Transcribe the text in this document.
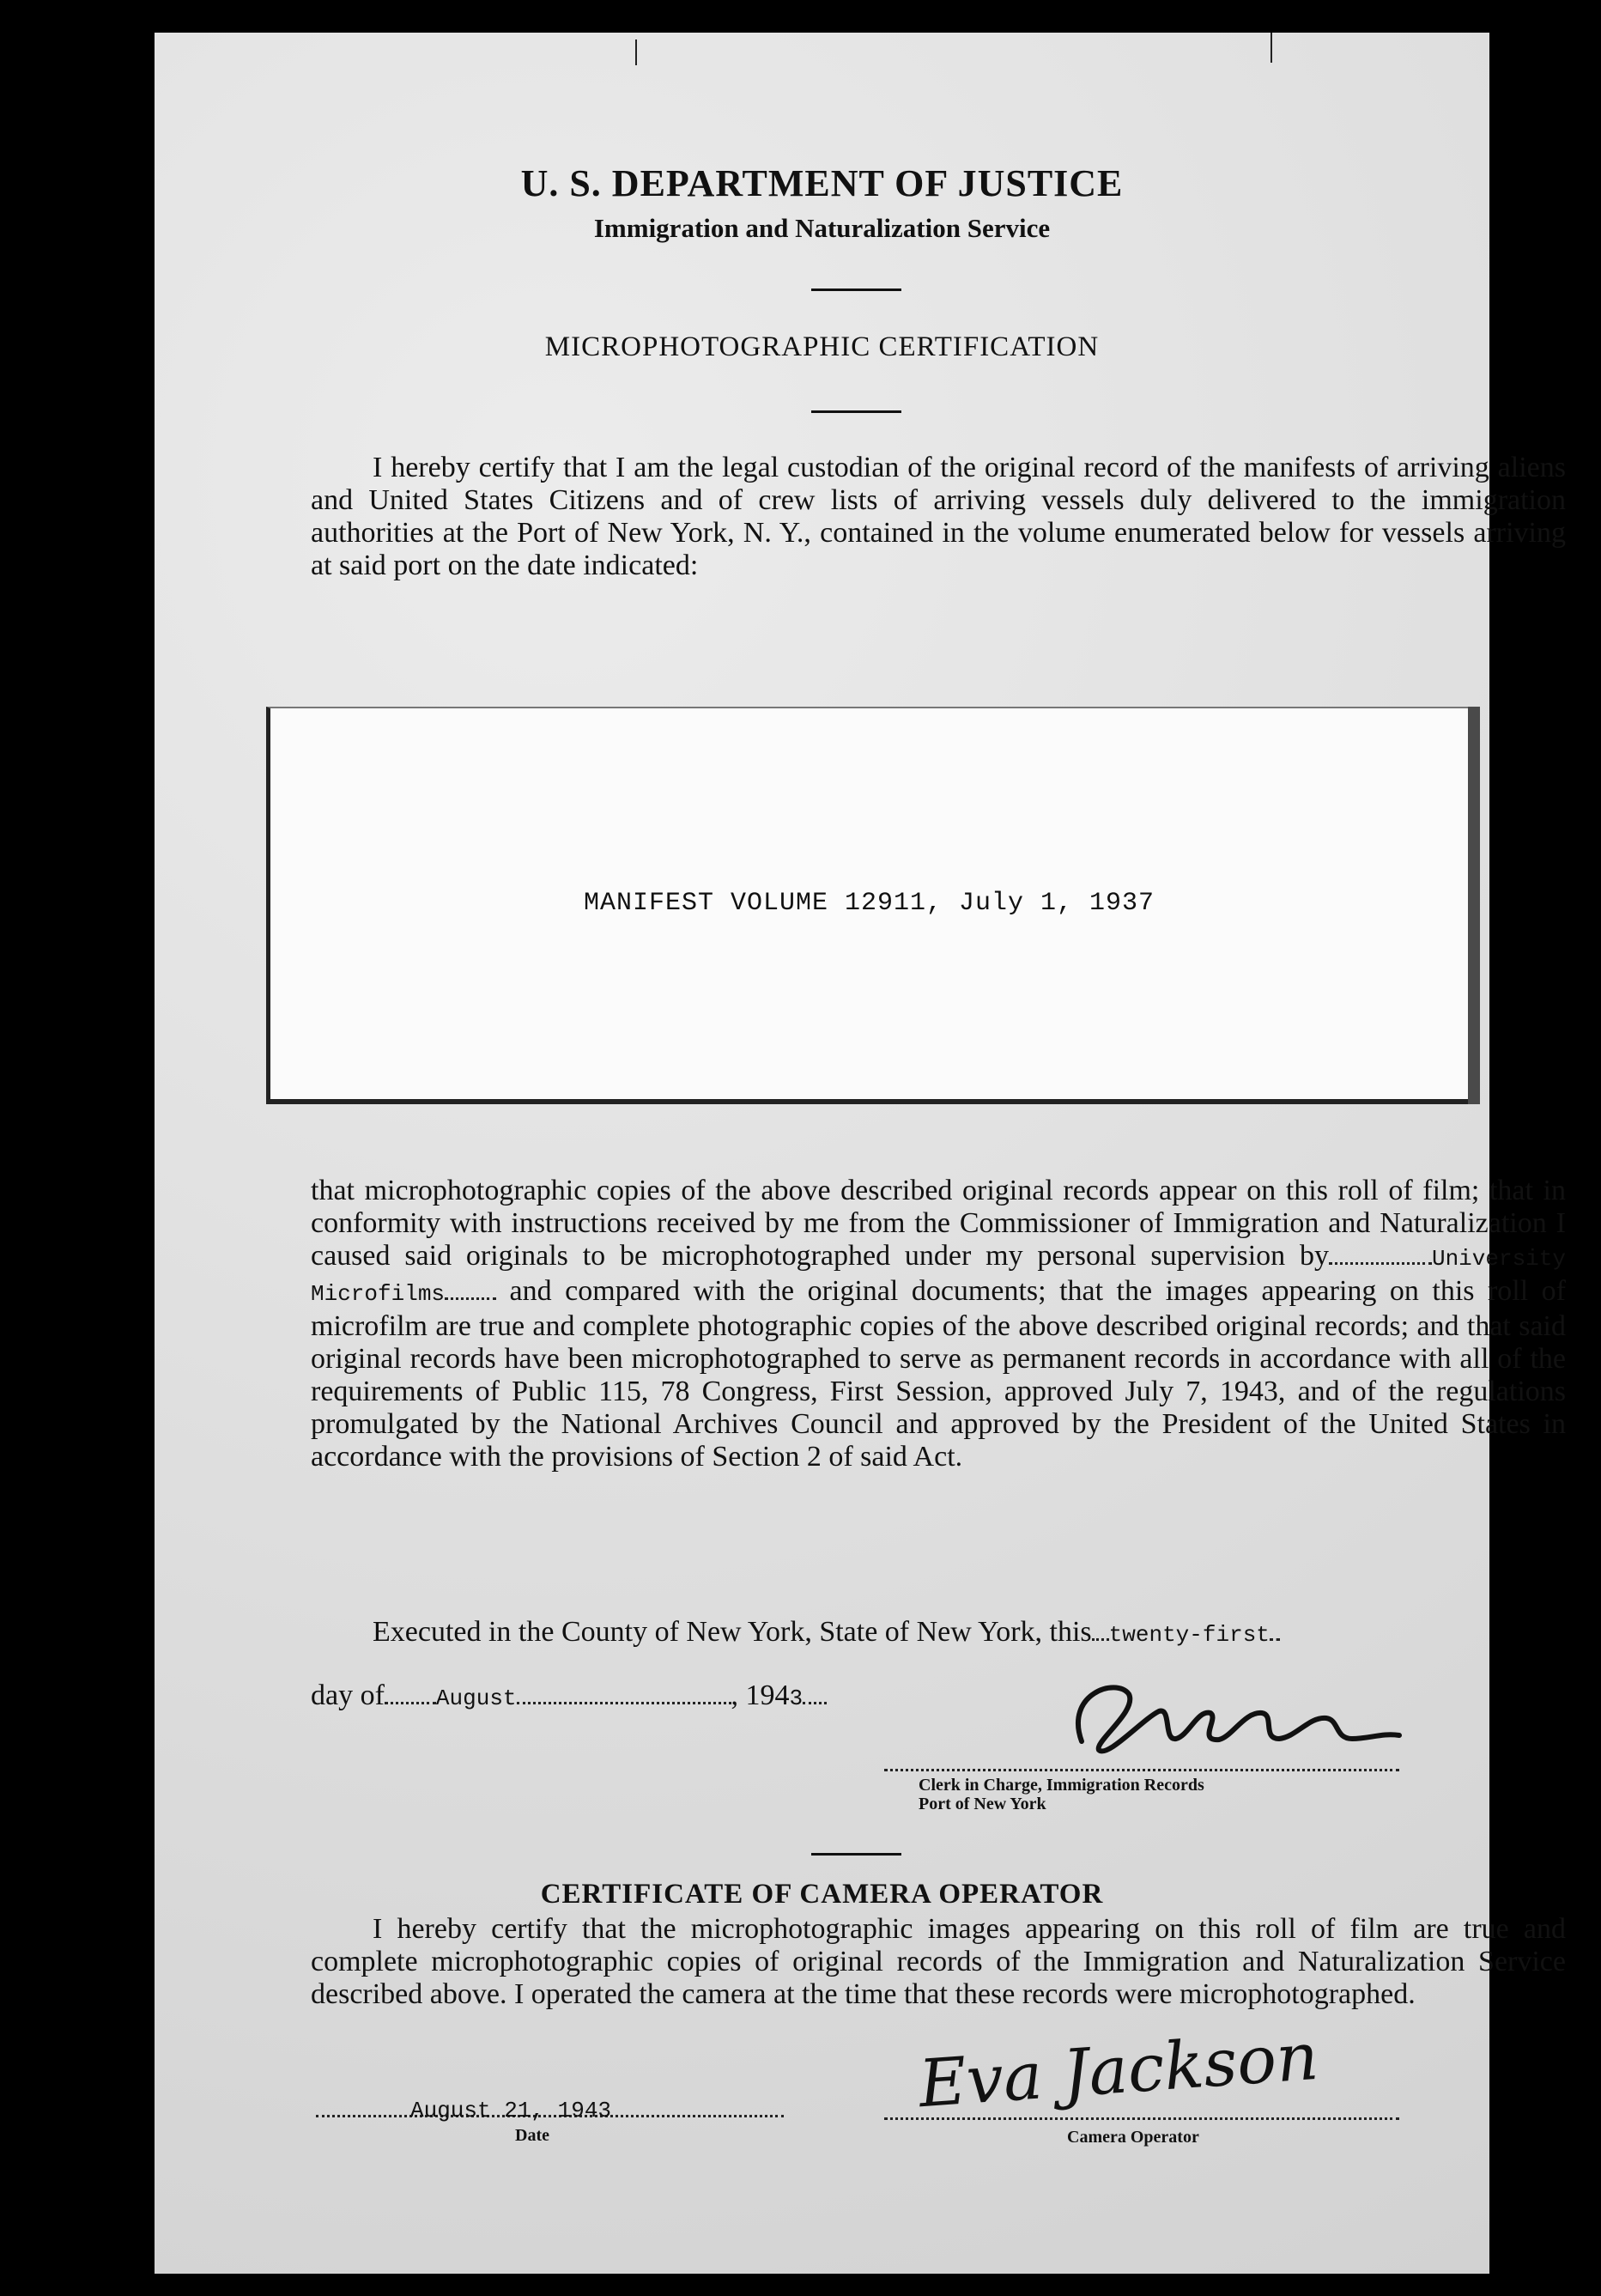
U. S. DEPARTMENT OF JUSTICE
Immigration and Naturalization Service
MICROPHOTOGRAPHIC CERTIFICATION

I hereby certify that I am the legal custodian of the original record of the manifests of arriving aliens and United States Citizens and of crew lists of arriving vessels duly delivered to the immigration authorities at the Port of New York, N. Y., contained in the volume enumerated below for vessels arriving at said port on the date indicated:

MANIFEST VOLUME 12911, July 1, 1937

that microphotographic copies of the above described original records appear on this roll of film; that in conformity with instructions received by me from the Commissioner of Immigration and Naturalization I caused said originals to be microphotographed under my personal supervision by	University Microfilms and compared with the original documents; that the images appearing on this roll of microfilm are true and complete photographic copies of the above described original records; and that said original records have been microphotographed to serve as permanent records in accordance with all of the requirements of Public 115, 78 Congress, First Session, approved July 7, 1943, and of the regulations promulgated by the National Archives Council and approved by the President of the United States in accordance with the provisions of Section 2 of said Act.

Executed in the County of New York, State of New York, this twenty-first
day of August	, 1943
Clerk in Charge, Immigration Records
Port of New York
CERTIFICATE OF CAMERA OPERATOR

I hereby certify that the microphotographic images appearing on this roll of film are true and complete microphotographic copies of original records of the Immigration and Naturalization Service described above. I operated the camera at the time that these records were microphotographed.

August 21, 1943
Date
Eva Jackson
Camera Operator
